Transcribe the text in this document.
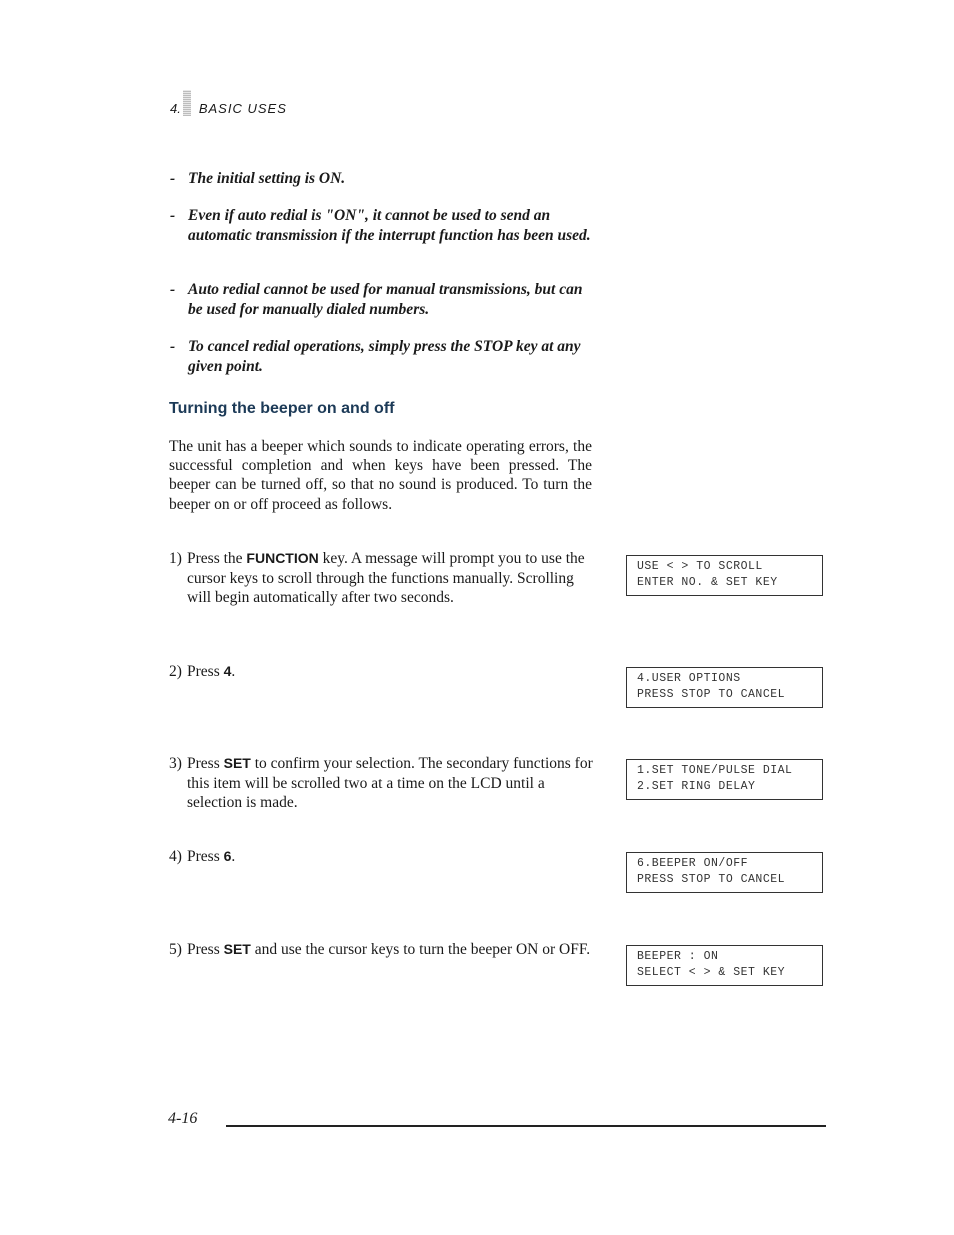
4. BASIC USES
- The initial setting is ON.
- Even if auto redial is "ON", it cannot be used to send an automatic transmission if the interrupt function has been used.
- Auto redial cannot be used for manual transmissions, but can be used for manually dialed numbers.
- To cancel redial operations, simply press the STOP key at any given point.
Turning the beeper on and off
The unit has a beeper which sounds to indicate operating errors, the successful completion and when keys have been pressed. The beeper can be turned off, so that no sound is produced. To turn the beeper on or off proceed as follows.
1) Press the FUNCTION key. A message will prompt you to use the cursor keys to scroll through the functions manually. Scrolling will begin automatically after two seconds.
USE < > TO SCROLL
ENTER NO. & SET KEY
2) Press 4.	4.USER OPTIONS
PRESS STOP TO CANCEL
3) Press SET to confirm your selection. The secondary functions for this item will be scrolled two at a time on the LCD until a selection is made.
1.SET TONE/PULSE DIAL
2.SET RING DELAY
4) Press 6.	6.BEEPER ON/OFF
PRESS STOP TO CANCEL
5) Press SET and use the cursor keys to turn the beeper ON or OFF.	BEEPER : ON
SELECT < > & SET KEY
4-16
